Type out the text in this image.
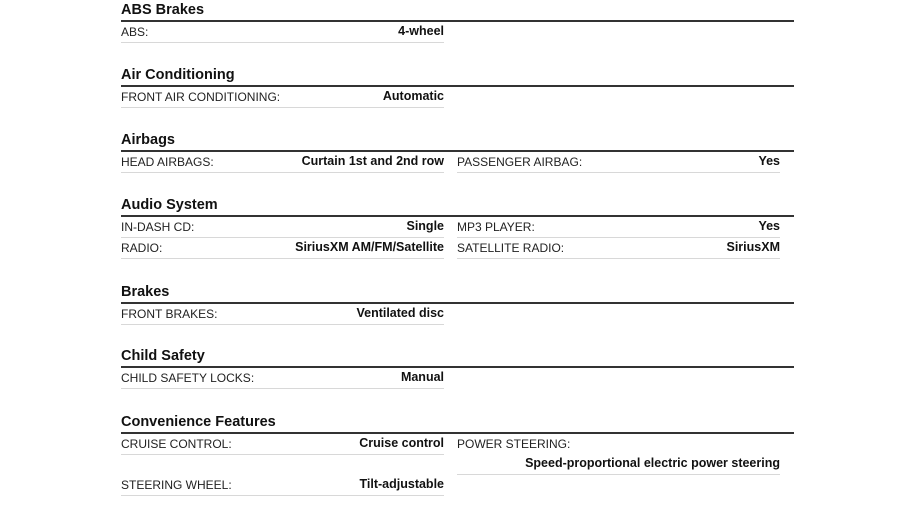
ABS Brakes
ABS:	4-wheel
Air Conditioning
FRONT AIR CONDITIONING:	Automatic
Airbags
HEAD AIRBAGS:	Curtain 1st and 2nd row PASSENGER AIRBAG:	Yes
Audio System
IN-DASH CD:	Single MP3 PLAYER:	Yes
RADIO:	SiriusXM AM/FM/Satellite SATELLITE RADIO:	SiriusXM
Brakes
FRONT BRAKES:	Ventilated disc
Child Safety
CHILD SAFETY LOCKS:	Manual
Convenience Features
CRUISE CONTROL:	Cruise control POWER STEERING:
Speed-proportional electric power steering
STEERING WHEEL:	Tilt-adjustable
